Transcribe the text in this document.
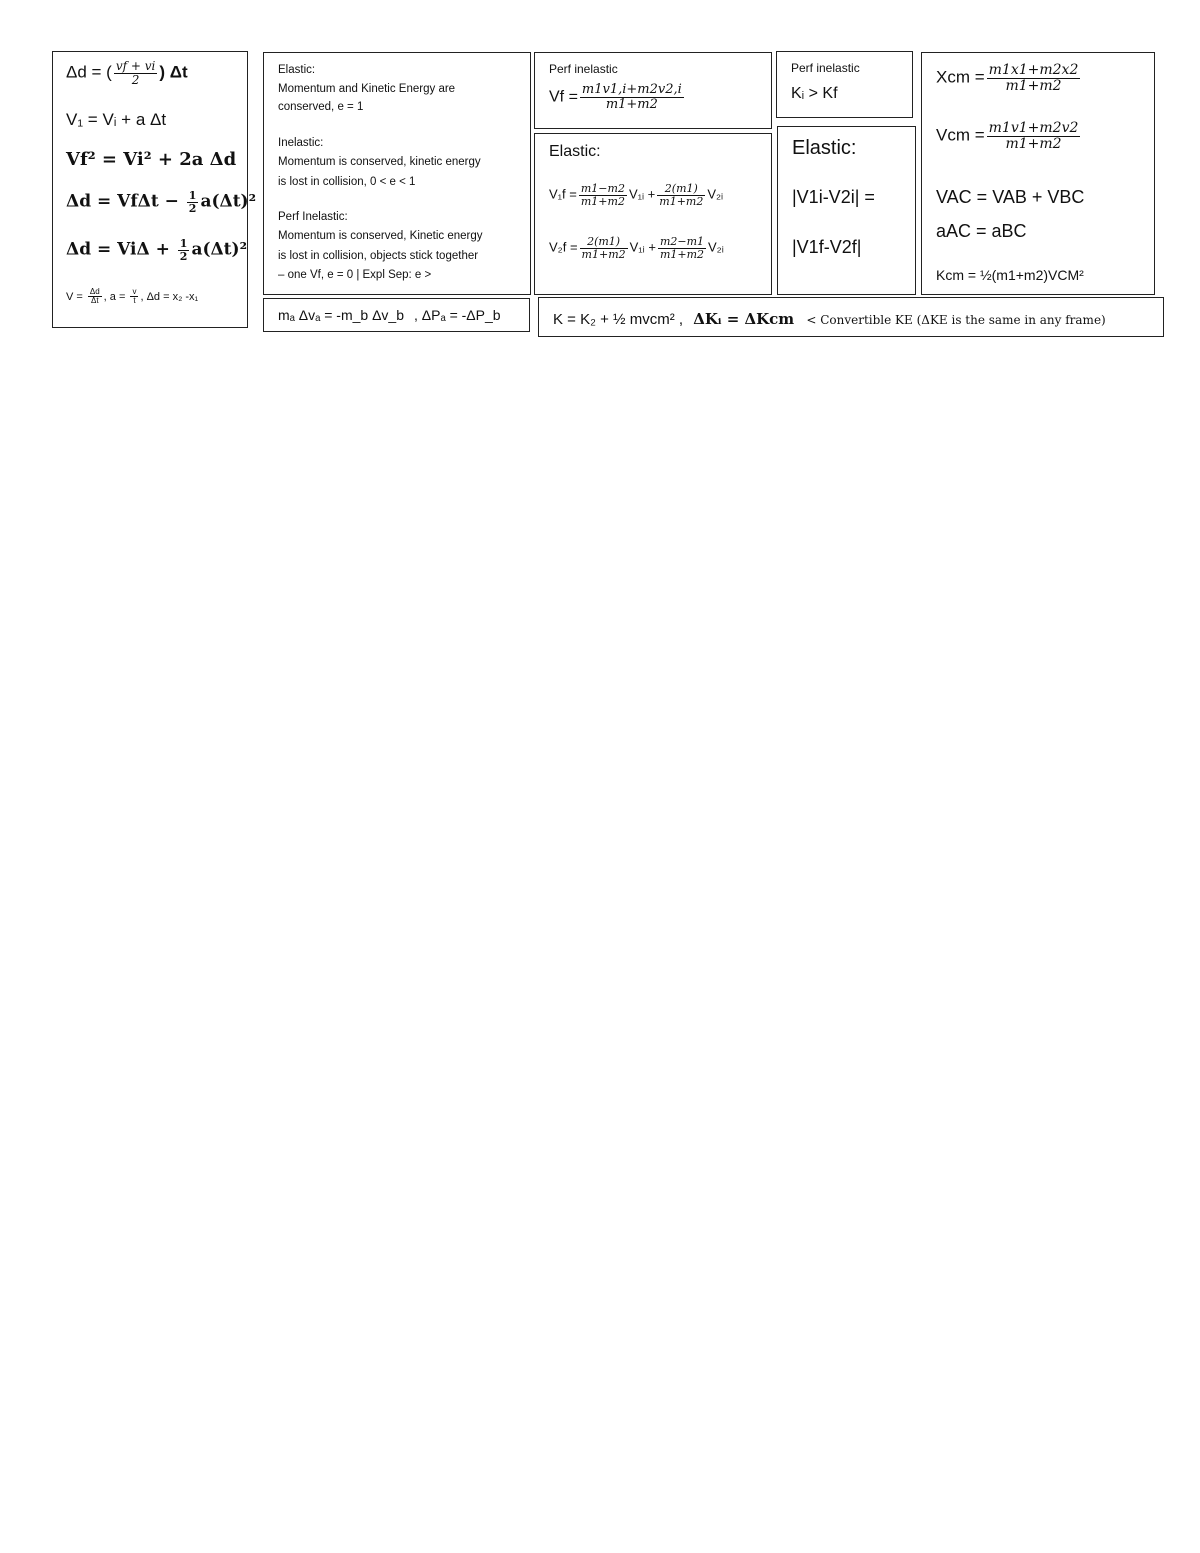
Δd = ( $\frac{vf + vi}{2}$ ) Δt
V₁ = Vᵢ + a Δt
Vf² = Vi² + 2a Δd
$\Delta d = Vf\Delta t - \frac{1}{2} a(\Delta t)^2$
$\Delta d = Vi\Delta + \frac{1}{2} a(\Delta t)^2$
$V = \frac{\Delta d}{\Delta t}$ , $a = \frac{v}{t}$ , Δd = x₂ -x₁
Elastic:
Momentum and Kinetic Energy are
conserved, e = 1
Inelastic:
Momentum is conserved, kinetic energy
is lost in collision, 0 < e < 1
Perf Inelastic:
Momentum is conserved, Kinetic energy
is lost in collision, objects stick together
– one Vf, e = 0 | Expl Sep: e >
mₐ Δvₐ = -m_b Δv_b , ΔPₐ = -ΔP_b
Perf inelastic
$Vf = \frac{m1v1,i+m2v2,i}{m1+m2}$
Perf inelastic
Kᵢ > Kf
Elastic:
$V_1f = \frac{m1-m2}{m1+m2}$ V₁ᵢ + $\frac{2(m1)}{m1+m2}$ V₂ᵢ
$V_2f = \frac{2(m1)}{m1+m2}$ V₁ᵢ + $\frac{m2-m1}{m1+m2}$ V₂ᵢ
Elastic:
|V1i-V2i| =
|V1f-V2f|
Xcm = $\frac{m1x1+m2x2}{m1+m2}$
Vcm = $\frac{m1v1+m2v2}{m1+m2}$
VAC = VAB + VBC
aAC = aBC
Kcm = ½(m1+m2)VCM²
K = K₂ + ½ mvcm² , ΔKᵢ = ΔKcm < Convertible KE (ΔKE is the same in any frame)
